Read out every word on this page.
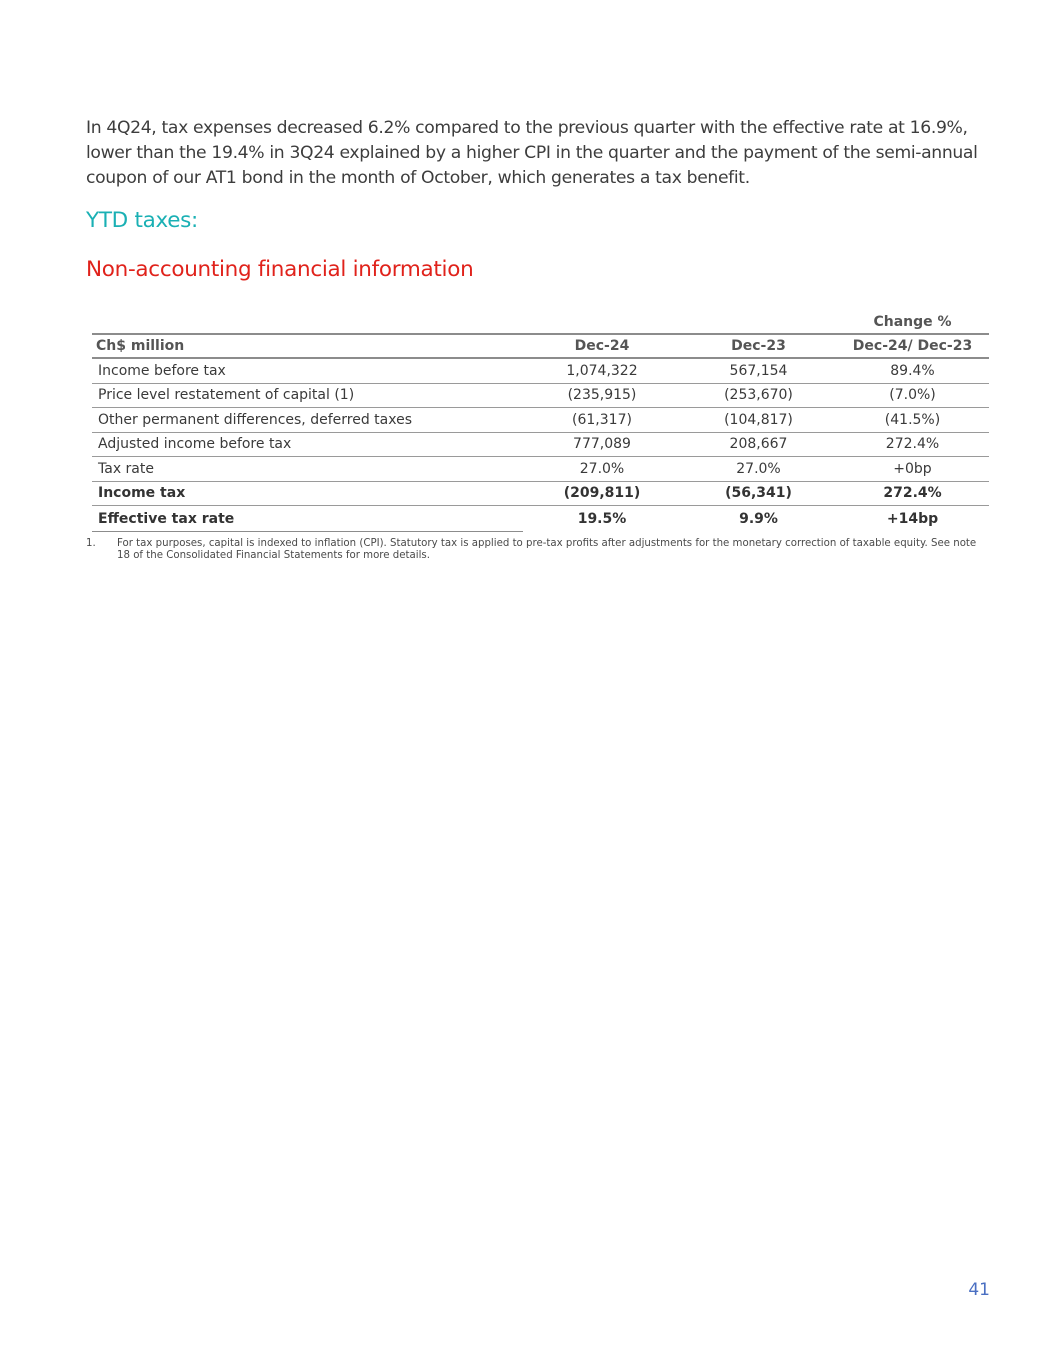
In 4Q24, tax expenses decreased 6.2% compared to the previous quarter with the effective rate at 16.9%, lower than the 19.4% in 3Q24 explained by a higher CPI in the quarter and the payment of the semi-annual coupon of our AT1 bond in the month of October, which generates a tax benefit.

YTD taxes:
Non-accounting financial information
Change %
Ch$ million	Dec-24	Dec-23	Dec-24/ Dec-23
Income before tax	1,074,322	567,154	89.4%
Price level restatement of capital (1)	(235,915)	(253,670)	(7.0%)
Other permanent differences, deferred taxes	(61,317)	(104,817)	(41.5%)
Adjusted income before tax	777,089	208,667	272.4%
Tax rate	27.0%	27.0%	+0bp
Income tax	(209,811)	(56,341)	272.4%
Effective tax rate	19.5%	9.9%	+14bp
1.	For tax purposes, capital is indexed to inflation (CPI). Statutory tax is applied to pre-tax profits after adjustments for the monetary correction of taxable equity. See note 18 of the Consolidated Financial Statements for more details.
41
